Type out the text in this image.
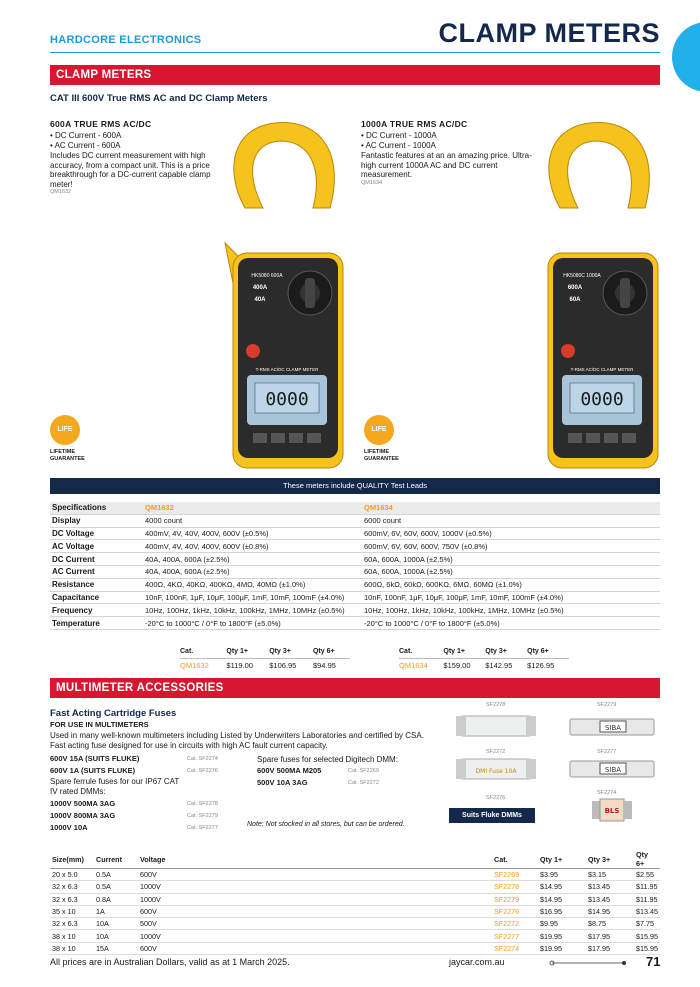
HARDCORE ELECTRONICS	CLAMP METERS
CLAMP METERS
CAT III 600V True RMS AC and DC Clamp Meters
600A TRUE RMS AC/DC
• DC Current - 600A
• AC Current - 600A
Includes DC current measurement with high accuracy, from a compact unit. This is a price breakthrough for a DC-current capable clamp meter!
QM1632
1000A TRUE RMS AC/DC
• DC Current - 1000A
• AC Current - 1000A
Fantastic features at an an amazing price. Ultra-high current 1000A AC and DC current measurement.
QM1634
0000
T-RMS AC/DC CLAMP METER
HK5080 600A
400A
40A
0000
T-RMS AC/DC CLAMP METER
HK5080C 1000A
600A
60A
LIFE
LIFETIME GUARANTEE
LIFE
LIFETIME GUARANTEE
These meters include QUALITY Test Leads
Specifications	QM1632	QM1634
Display	4000 count	6000 count
DC Voltage	400mV, 4V, 40V, 400V, 600V (±0.5%)	600mV, 6V, 60V, 600V, 1000V (±0.5%)
AC Voltage	400mV, 4V, 40V, 400V, 600V (±0.8%)	600mV, 6V, 60V, 600V, 750V (±0.8%)
DC Current	40A, 400A, 600A (±2.5%)	60A, 600A, 1000A (±2.5%)
AC Current	40A, 400A, 600A (±2.5%)	60A, 600A, 1000A (±2.5%)
Resistance	400Ω, 4KΩ, 40KΩ, 400KΩ, 4MΩ, 40MΩ (±1.0%)	600Ω, 6kΩ, 60kΩ, 600KΩ, 6MΩ, 60MΩ (±1.0%)
Capacitance	10nF, 100nF, 1μF, 10μF, 100μF, 1mF, 10mF, 100mF (±4.0%)	10nF, 100nF, 1μF, 10μF, 100μF, 1mF, 10mF, 100mF (±4.0%)
Frequency	10Hz, 100Hz, 1kHz, 10kHz, 100kHz, 1MHz, 10MHz (±0.5%)	10Hz, 100Hz, 1kHz, 10kHz, 100kHz, 1MHz, 10MHz (±0.5%)
Temperature	-20°C to 1000°C / 0°F to 1800°F (±5.0%)	-20°C to 1000°C / 0°F to 1800°F (±5.0%)
Cat.	Qty 1+	Qty 3+	Qty 6+
QM1632	$119.00	$106.95	$94.95
Cat.	Qty 1+	Qty 3+	Qty 6+
QM1634	$159.00	$142.95	$126.95
MULTIMETER ACCESSORIES
Fast Acting Cartridge Fuses
FOR USE IN MULTIMETERS
Used in many well-known multimeters including Listed by Underwriters Laboratories and certified by CSA. Fast acting fuse designed for use in circuits with high AC fault current capacity.
600V 15A (SUITS FLUKE)	Cat. SF2274
600V 1A (SUITS FLUKE)	Cat. SF2276
Spare ferrule fuses for our IP67 CAT IV rated DMMs:
1000V 500MA 3AG	Cat. SF2278
1000V 800MA 3AG	Cat. SF2279
1000V 10A	Cat. SF2277
Spare fuses for selected Digitech DMM:
600V 500MA M205	Cat. SF2269
500V 10A 3AG	Cat. SF2272
Note: Not stocked in all stores, but can be ordered.
SF2278	SF2279
SIBA
SF2272
DMI Fuse 10A
SF2277
SIBA
SF2274
BLS
SF2276
Suits Fluke DMMs
Size(mm)	Current	Voltage	Cat.	Qty 1+	Qty 3+	Qty 6+
20 x 5.0	0.5A	600V	SF2269	$3.95	$3.15	$2.55
32 x 6.3	0.5A	1000V	SF2278	$14.95	$13.45	$11.95
32 x 6.3	0.8A	1000V	SF2279	$14.95	$13.45	$11.95
35 x 10	1A	600V	SF2276	$16.95	$14.95	$13.45
32 x 6.3	10A	500V	SF2272	$9.95	$8.75	$7.75
38 x 10	10A	1000V	SF2277	$19.95	$17.95	$15.95
38 x 10	15A	600V	SF2274	$19.95	$17.95	$15.95
All prices are in Australian Dollars, valid as at 1 March 2025.	jaycar.com.au	71
